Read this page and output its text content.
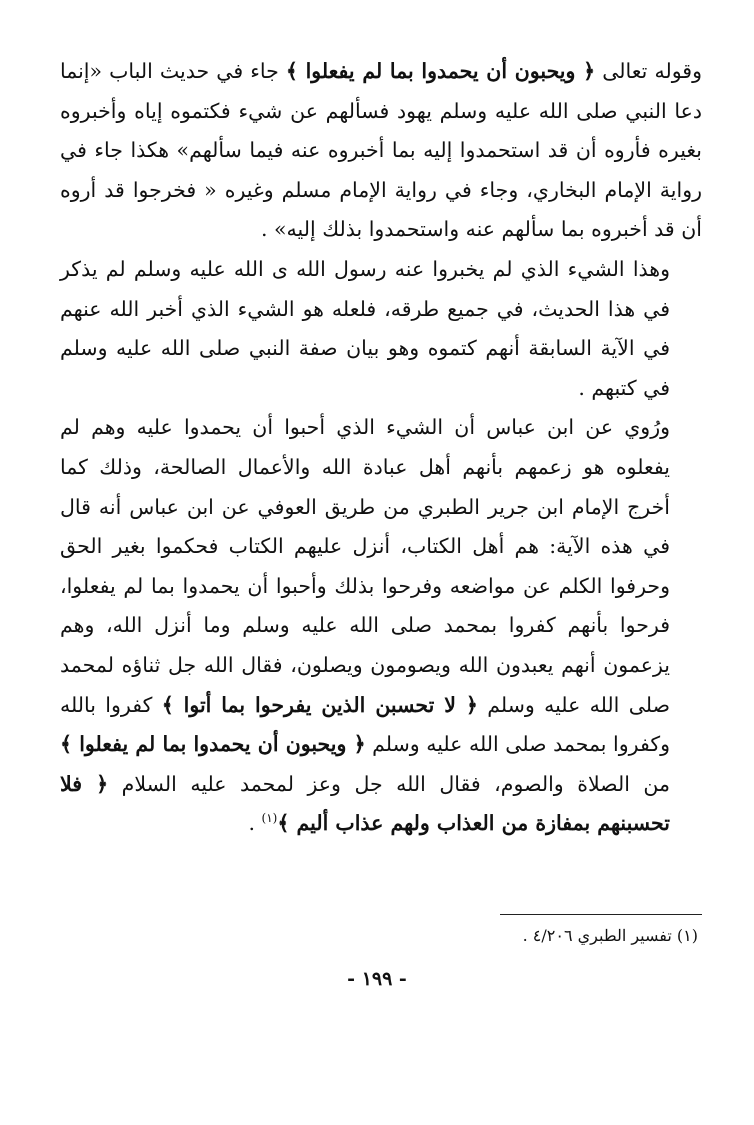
وقوله تعالى ﴿ ويحبون أن يحمدوا بما لم يفعلوا ﴾ جاء في حديث الباب «إنما دعا النبي صلى الله عليه وسلم يهود فسألهم عن شيء فكتموه إياه وأخبروه بغيره فأروه أن قد استحمدوا إليه بما أخبروه عنه فيما سألهم» هكذا جاء في رواية الإمام البخاري، وجاء في رواية الإمام مسلم وغيره « فخرجوا قد أروه أن قد أخبروه بما سألهم عنه واستحمدوا بذلك إليه» .

وهذا الشيء الذي لم يخبروا عنه رسول الله ى الله عليه وسلم لم يذكر في هذا الحديث، في جميع طرقه، فلعله هو الشيء الذي أخبر الله عنهم في الآية السابقة أنهم كتموه وهو بيان صفة النبي صلى الله عليه وسلم في كتبهم .

ورُوي عن ابن عباس أن الشيء الذي أحبوا أن يحمدوا عليه وهم لم يفعلوه هو زعمهم بأنهم أهل عبادة الله والأعمال الصالحة، وذلك كما أخرج الإمام ابن جرير الطبري من طريق العوفي عن ابن عباس أنه قال في هذه الآية: هم أهل الكتاب، أنزل عليهم الكتاب فحكموا بغير الحق وحرفوا الكلم عن مواضعه وفرحوا بذلك وأحبوا أن يحمدوا بما لم يفعلوا، فرحوا بأنهم كفروا بمحمد صلى الله عليه وسلم وما أنزل الله، وهم يزعمون أنهم يعبدون الله ويصومون ويصلون، فقال الله جل ثناؤه لمحمد صلى الله عليه وسلم ﴿ لا تحسبن الذين يفرحوا بما أتوا ﴾ كفروا بالله وكفروا بمحمد صلى الله عليه وسلم ﴿ ويحبون أن يحمدوا بما لم يفعلوا ﴾ من الصلاة والصوم، فقال الله جل وعز لمحمد عليه السلام ﴿ فلا تحسبنهم بمفازة من العذاب ولهم عذاب أليم ﴾$^{(١)}$ .

(١) تفسير الطبري ٤/٢٠٦ .
- ١٩٩ -
